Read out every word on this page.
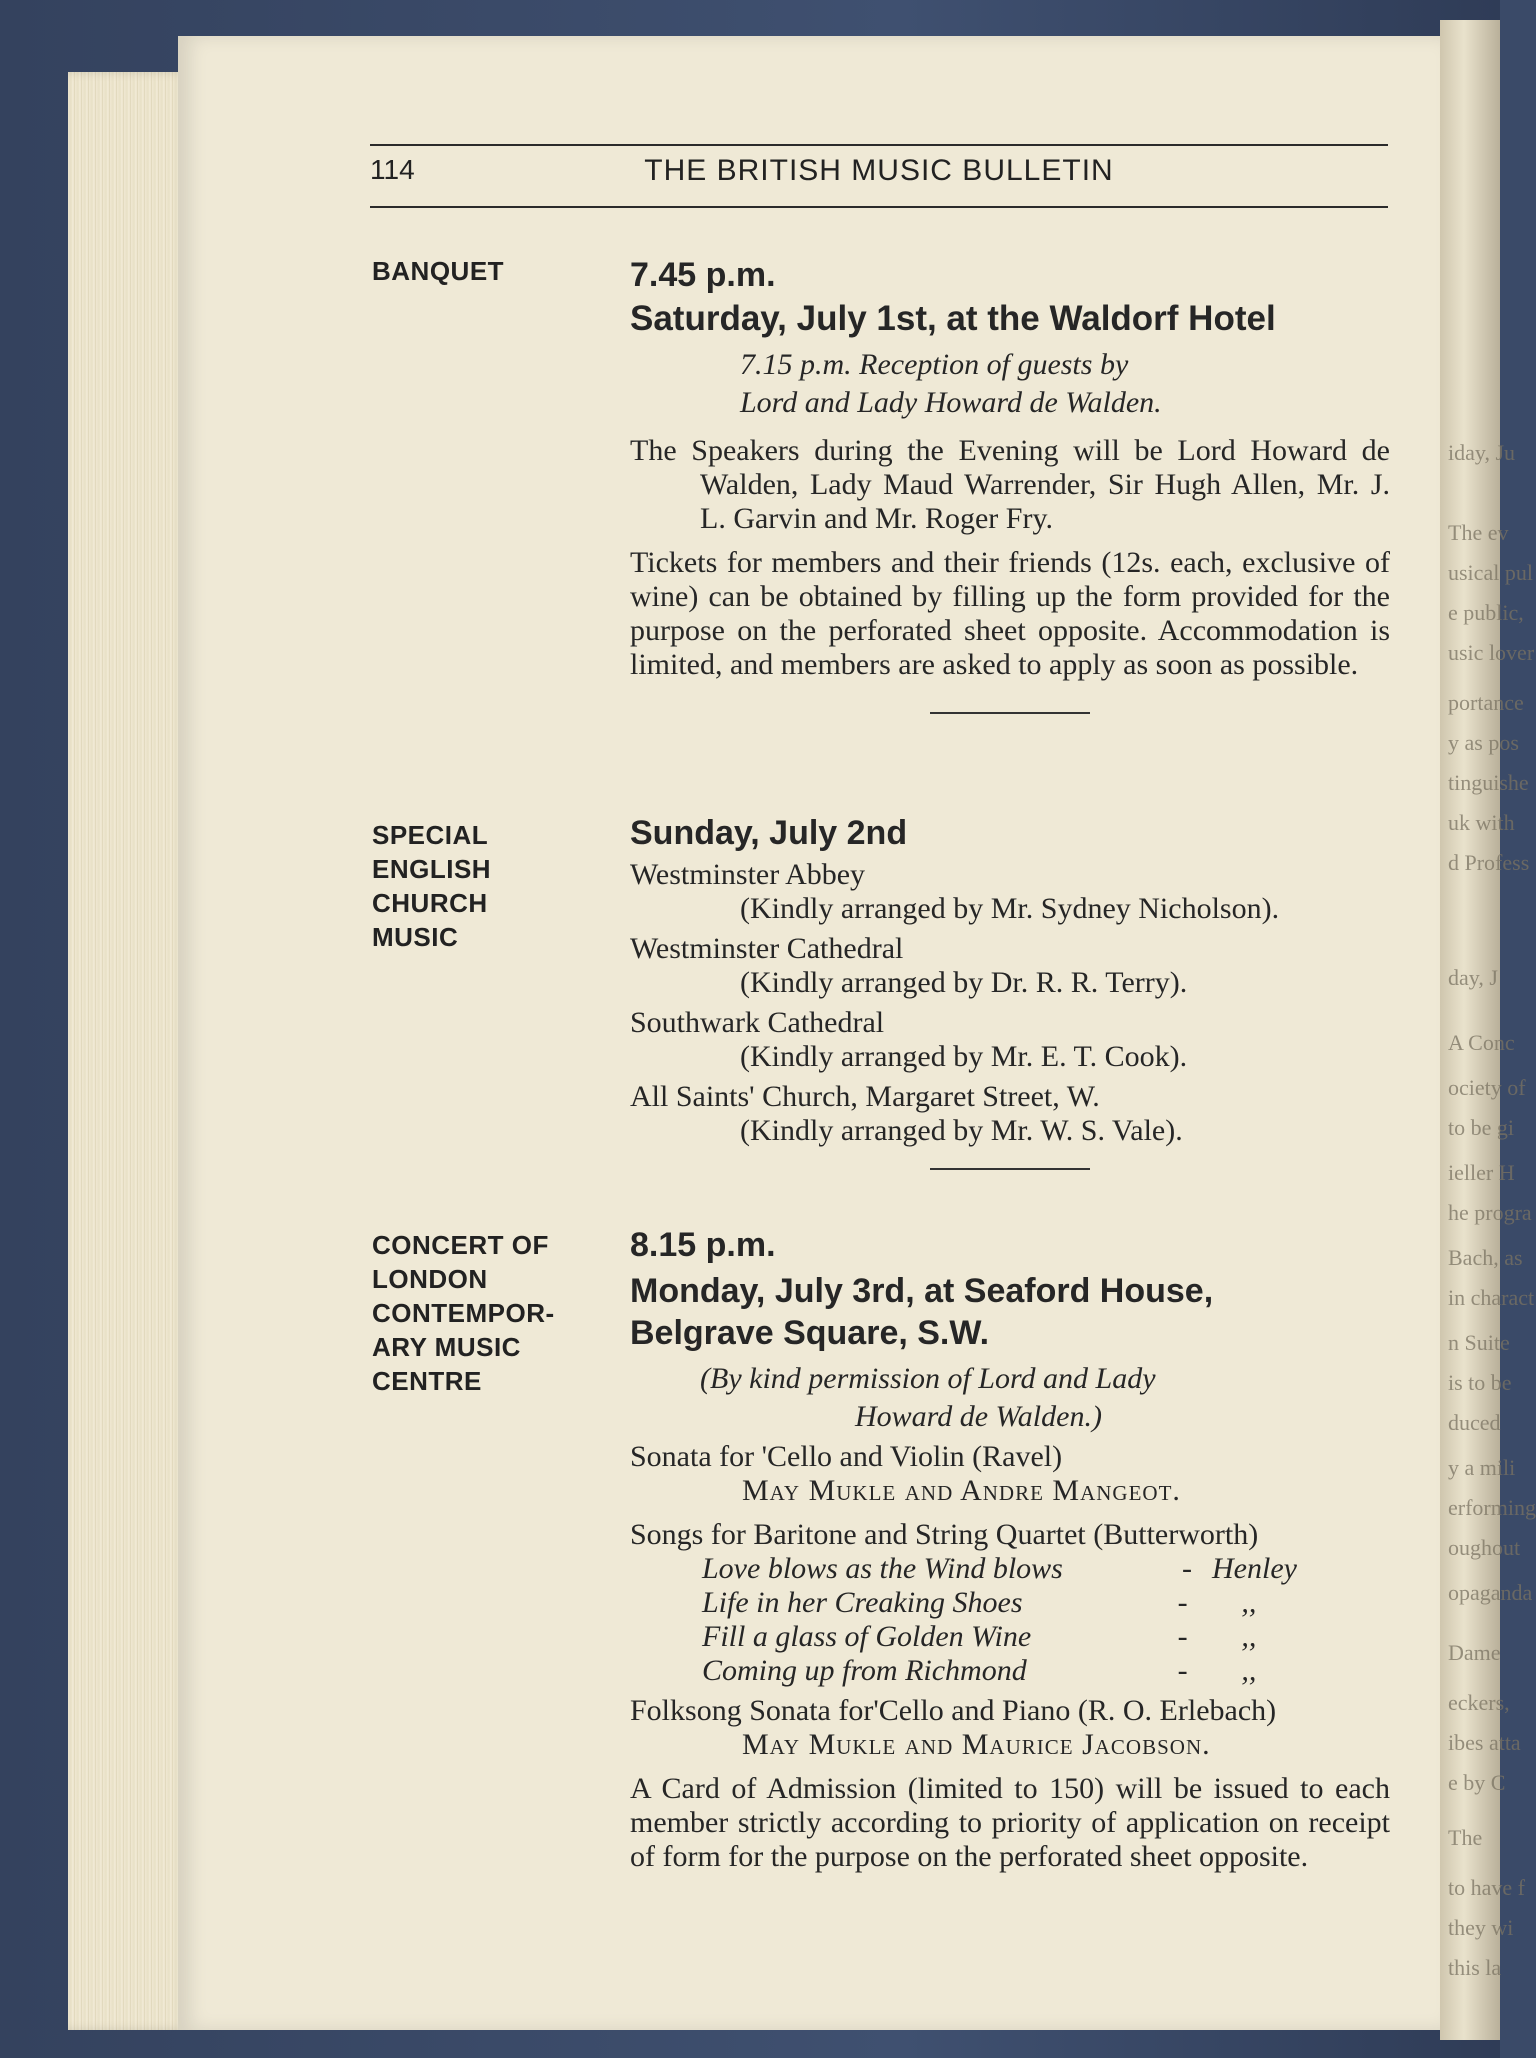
iday, Ju
The ev
usical pul
e public,
usic lover
portance
y as pos
tinguishe
uk with
d Profess
day, J
A Conc
ociety of
to be gi
ieller H
he progra
Bach, as
in charact
n Suite
is to be
duced
y a mili
erforming
oughout
opaganda
Dame
eckers,
ibes atta
e by C
The
to have f
they wi
this la
114	THE BRITISH MUSIC BULLETIN
BANQUET	7.45 p.m.
Saturday, July 1st, at the Waldorf Hotel
7.15 p.m. Reception of guests by
Lord and Lady Howard de Walden.
The Speakers during the Evening will be Lord Howard de Walden, Lady Maud Warrender, Sir Hugh Allen, Mr. J. L. Garvin and Mr. Roger Fry.
Tickets for members and their friends (12s. each, exclusive of wine) can be obtained by filling up the form provided for the purpose on the perforated sheet opposite. Accommodation is limited, and members are asked to apply as soon as possible.
SPECIAL
ENGLISH
CHURCH
MUSIC
Sunday, July 2nd
Westminster Abbey
(Kindly arranged by Mr. Sydney Nicholson).
Westminster Cathedral
(Kindly arranged by Dr. R. R. Terry).
Southwark Cathedral
(Kindly arranged by Mr. E. T. Cook).
All Saints' Church, Margaret Street, W.
(Kindly arranged by Mr. W. S. Vale).
CONCERT OF
LONDON
CONTEMPOR-
ARY MUSIC
CENTRE
8.15 p.m.
Monday, July 3rd, at Seaford House,
Belgrave Square, S.W.
(By kind permission of Lord and Lady
Howard de Walden.)
Sonata for 'Cello and Violin (Ravel)
May Mukle and Andre Mangeot.
Songs for Baritone and String Quartet (Butterworth)
Love blows as the Wind blows	- Henley
Life in her Creaking Shoes	-	,,
Fill a glass of Golden Wine	-	,,
Coming up from Richmond	-	,,
Folksong Sonata for'Cello and Piano (R. O. Erlebach)
May Mukle and Maurice Jacobson.
A Card of Admission (limited to 150) will be issued to each member strictly according to priority of application on receipt of form for the purpose on the perforated sheet opposite.
